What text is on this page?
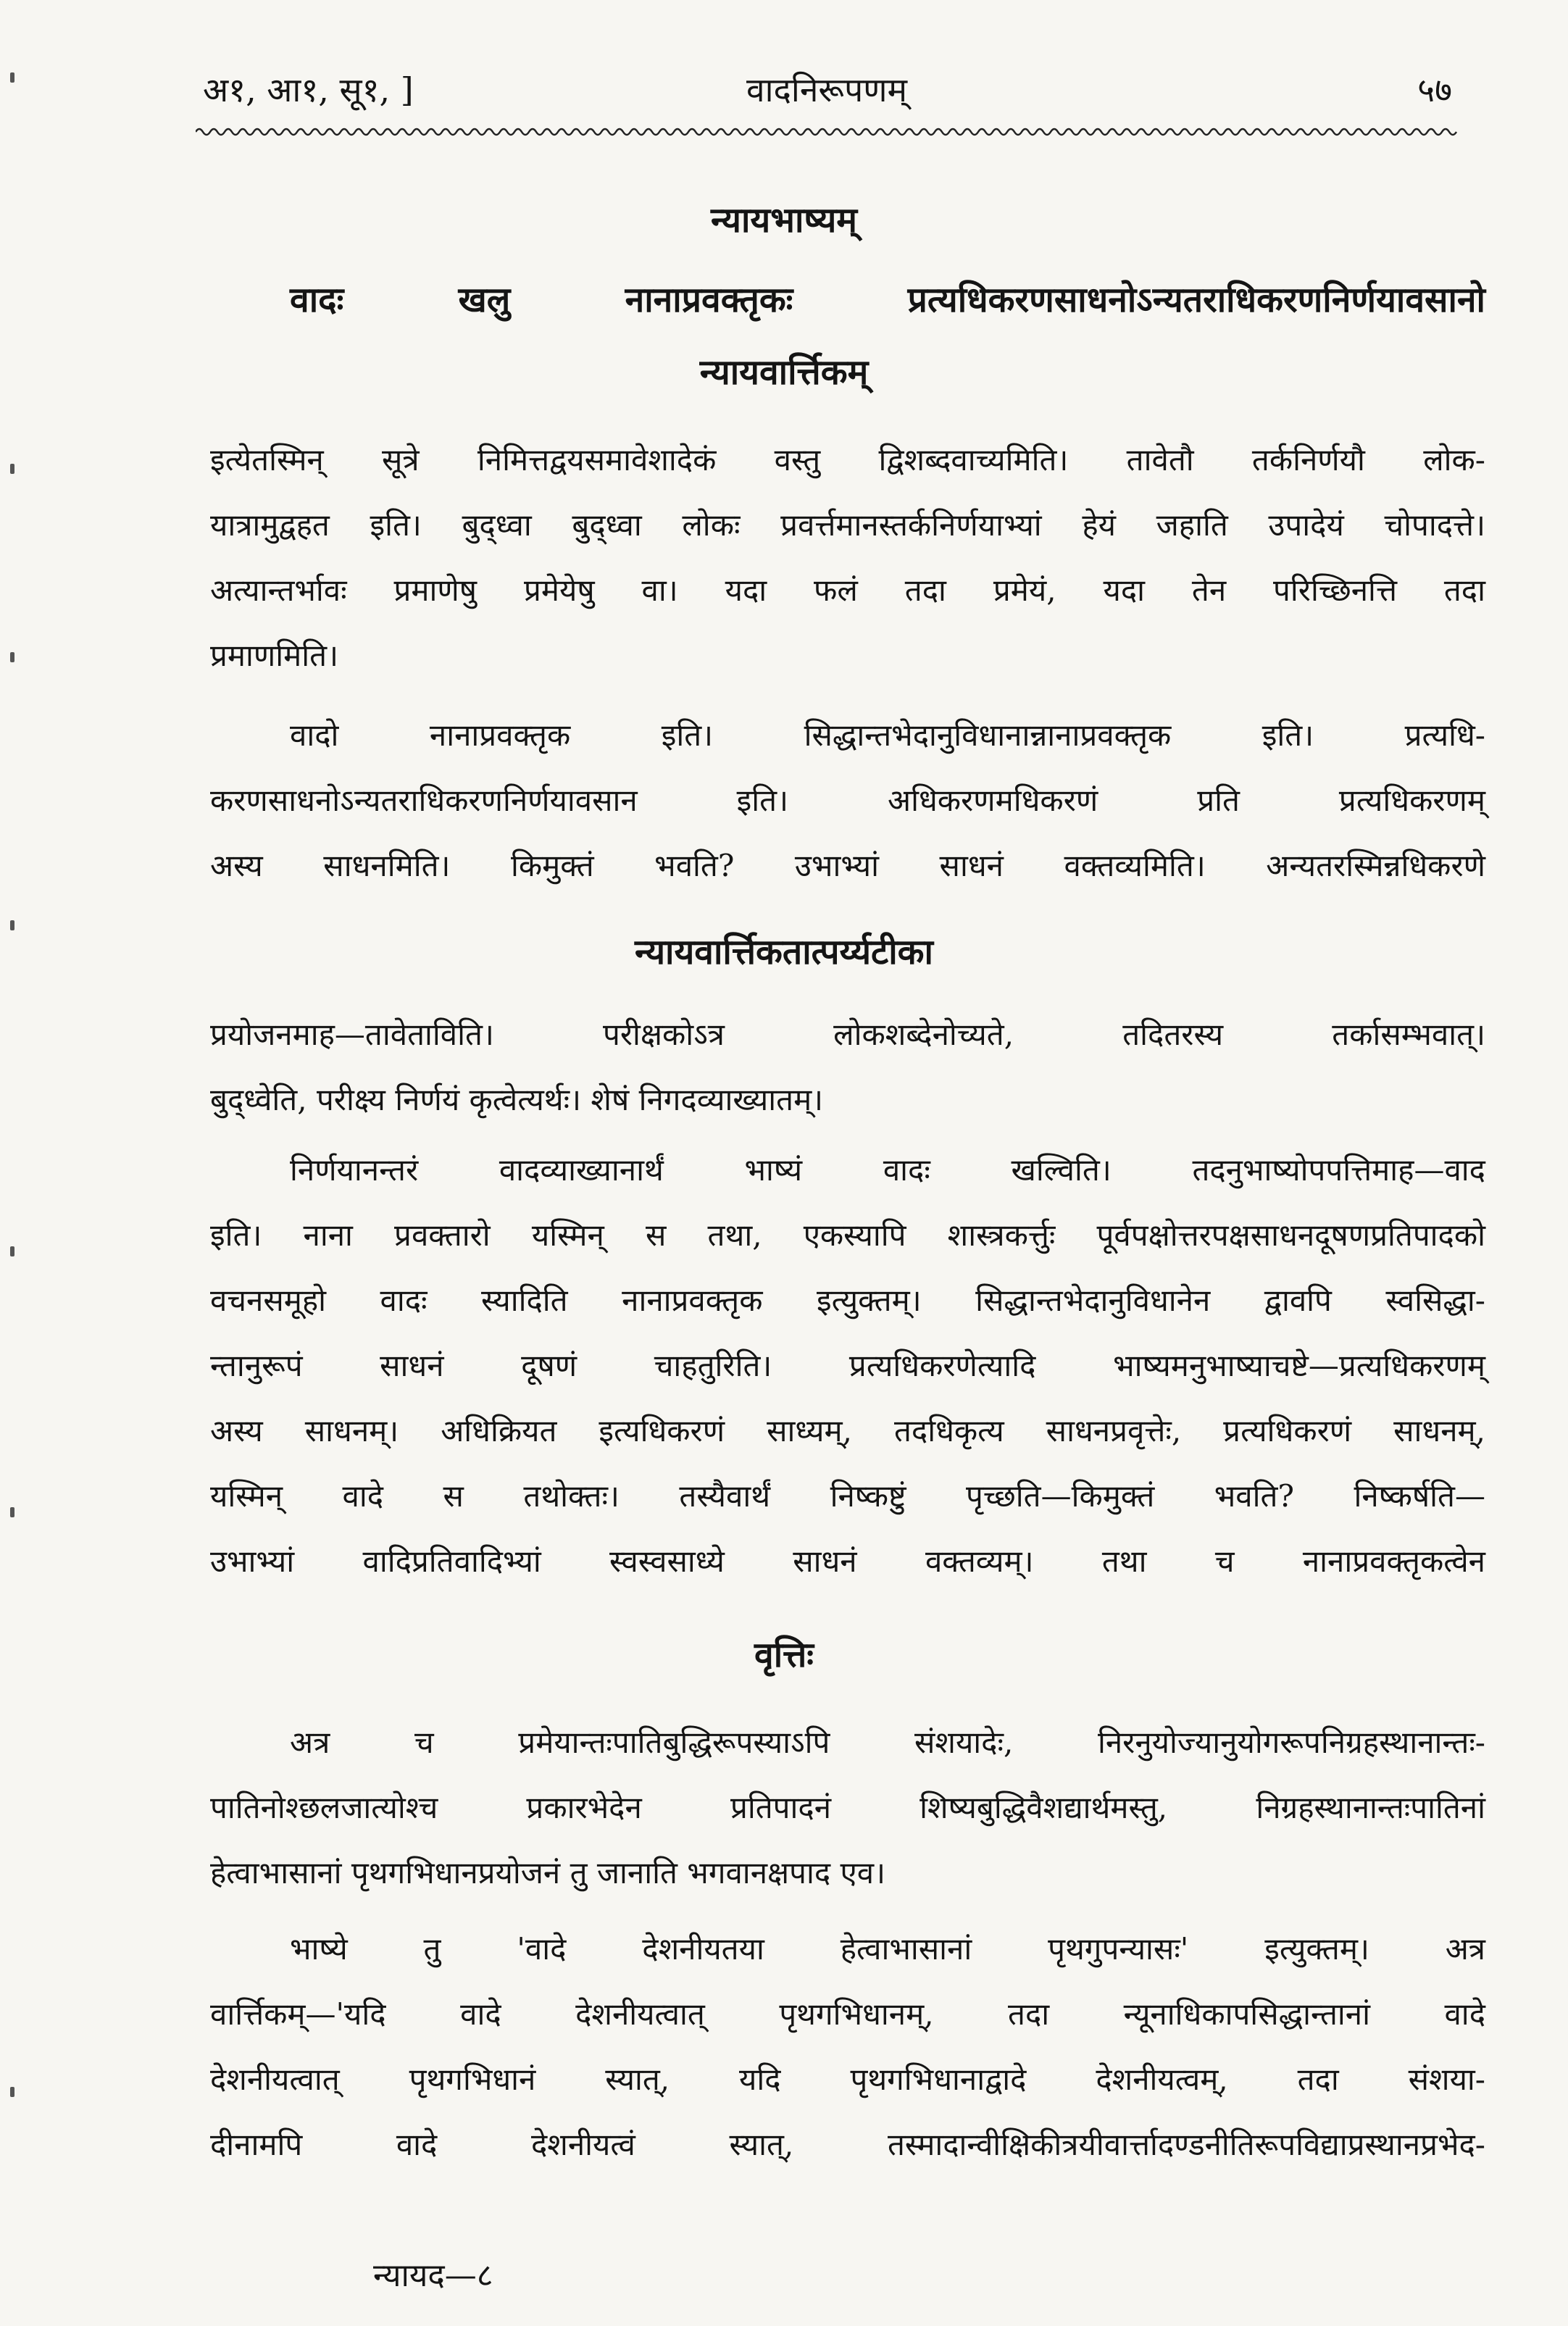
अ१, आ१, सू१, ]	वादनिरूपणम्	५७
न्यायभाष्यम्
वादः खलु नानाप्रवक्तृकः प्रत्यधिकरणसाधनोऽन्यतराधिकरणनिर्णयावसानो
न्यायवार्त्तिकम्
इत्येतस्मिन् सूत्रे निमित्तद्वयसमावेशादेकं वस्तु द्विशब्दवाच्यमिति। तावेतौ तर्कनिर्णयौ लोक-
यात्रामुद्वहत इति। बुद्ध्वा बुद्ध्वा लोकः प्रवर्त्तमानस्तर्कनिर्णयाभ्यां हेयं जहाति उपादेयं चोपादत्ते।
अत्यान्तर्भावः प्रमाणेषु प्रमेयेषु वा। यदा फलं तदा प्रमेयं, यदा तेन परिच्छिनत्ति तदा
प्रमाणमिति।
वादो नानाप्रवक्तृक इति। सिद्धान्तभेदानुविधानान्नानाप्रवक्तृक इति। प्रत्यधि-
करणसाधनोऽन्यतराधिकरणनिर्णयावसान इति। अधिकरणमधिकरणं प्रति प्रत्यधिकरणम्
अस्य साधनमिति। किमुक्तं भवति? उभाभ्यां साधनं वक्तव्यमिति। अन्यतरस्मिन्नधिकरणे
न्यायवार्त्तिकतात्पर्य्यटीका
प्रयोजनमाह—तावेताविति। परीक्षकोऽत्र लोकशब्देनोच्यते, तदितरस्य तर्कासम्भवात्।
बुद्ध्वेति, परीक्ष्य निर्णयं कृत्वेत्यर्थः। शेषं निगदव्याख्यातम्।
निर्णयानन्तरं वादव्याख्यानार्थं भाष्यं वादः खल्विति। तदनुभाष्योपपत्तिमाह—वाद
इति। नाना प्रवक्तारो यस्मिन् स तथा, एकस्यापि शास्त्रकर्त्तुः पूर्वपक्षोत्तरपक्षसाधनदूषणप्रतिपादको
वचनसमूहो वादः स्यादिति नानाप्रवक्तृक इत्युक्तम्। सिद्धान्तभेदानुविधानेन द्वावपि स्वसिद्धा-
न्तानुरूपं साधनं दूषणं चाहतुरिति। प्रत्यधिकरणेत्यादि भाष्यमनुभाष्याचष्टे—प्रत्यधिकरणम्
अस्य साधनम्। अधिक्रियत इत्यधिकरणं साध्यम्, तदधिकृत्य साधनप्रवृत्तेः, प्रत्यधिकरणं साधनम्,
यस्मिन् वादे स तथोक्तः। तस्यैवार्थं निष्कष्टुं पृच्छति—किमुक्तं भवति? निष्कर्षति—
उभाभ्यां वादिप्रतिवादिभ्यां स्वस्वसाध्ये साधनं वक्तव्यम्। तथा च नानाप्रवक्तृकत्वेन
वृत्तिः
अत्र च प्रमेयान्तःपातिबुद्धिरूपस्याऽपि संशयादेः, निरनुयोज्यानुयोगरूपनिग्रहस्थानान्तः-
पातिनोश्छलजात्योश्च प्रकारभेदेन प्रतिपादनं शिष्यबुद्धिवैशद्यार्थमस्तु, निग्रहस्थानान्तःपातिनां
हेत्वाभासानां पृथगभिधानप्रयोजनं तु जानाति भगवानक्षपाद एव।
भाष्ये तु 'वादे देशनीयतया हेत्वाभासानां पृथगुपन्यासः' इत्युक्तम्। अत्र
वार्त्तिकम्—'यदि वादे देशनीयत्वात् पृथगभिधानम्, तदा न्यूनाधिकापसिद्धान्तानां वादे
देशनीयत्वात् पृथगभिधानं स्यात्, यदि पृथगभिधानाद्वादे देशनीयत्वम्, तदा संशया-
दीनामपि वादे देशनीयत्वं स्यात्, तस्मादान्वीक्षिकीत्रयीवार्त्तादण्डनीतिरूपविद्याप्रस्थानप्रभेद-
न्यायद—८
